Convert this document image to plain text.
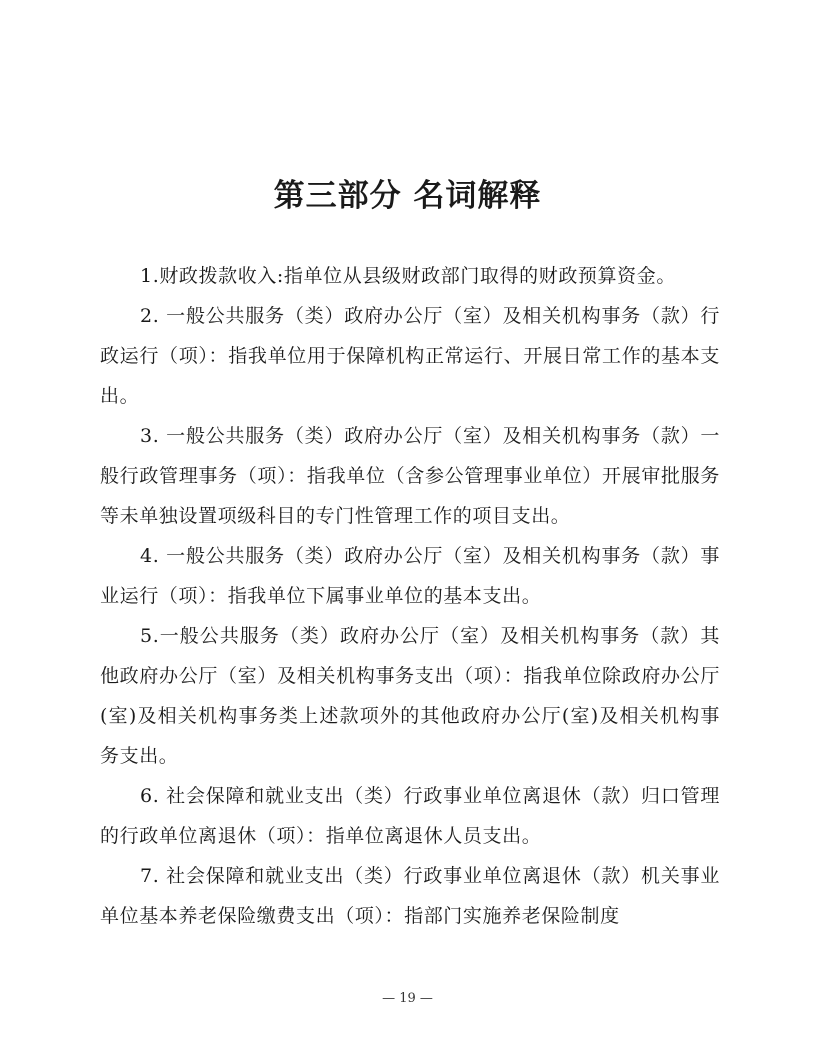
第三部分 名词解释

1.财政拨款收入:指单位从县级财政部门取得的财政预算资金。

2. 一般公共服务（类）政府办公厅（室）及相关机构事务（款）行政运行（项）：指我单位用于保障机构正常运行、开展日常工作的基本支出。

3. 一般公共服务（类）政府办公厅（室）及相关机构事务（款）一般行政管理事务（项）：指我单位（含参公管理事业单位）开展审批服务等未单独设置项级科目的专门性管理工作的项目支出。

4. 一般公共服务（类）政府办公厅（室）及相关机构事务（款）事业运行（项）：指我单位下属事业单位的基本支出。

5.一般公共服务（类）政府办公厅（室）及相关机构事务（款）其他政府办公厅（室）及相关机构事务支出（项）：指我单位除政府办公厅(室)及相关机构事务类上述款项外的其他政府办公厅(室)及相关机构事务支出。

6. 社会保障和就业支出（类）行政事业单位离退休（款）归口管理的行政单位离退休（项）：指单位离退休人员支出。

7. 社会保障和就业支出（类）行政事业单位离退休（款）机关事业单位基本养老保险缴费支出（项）：指部门实施养老保险制度

— 19 —
